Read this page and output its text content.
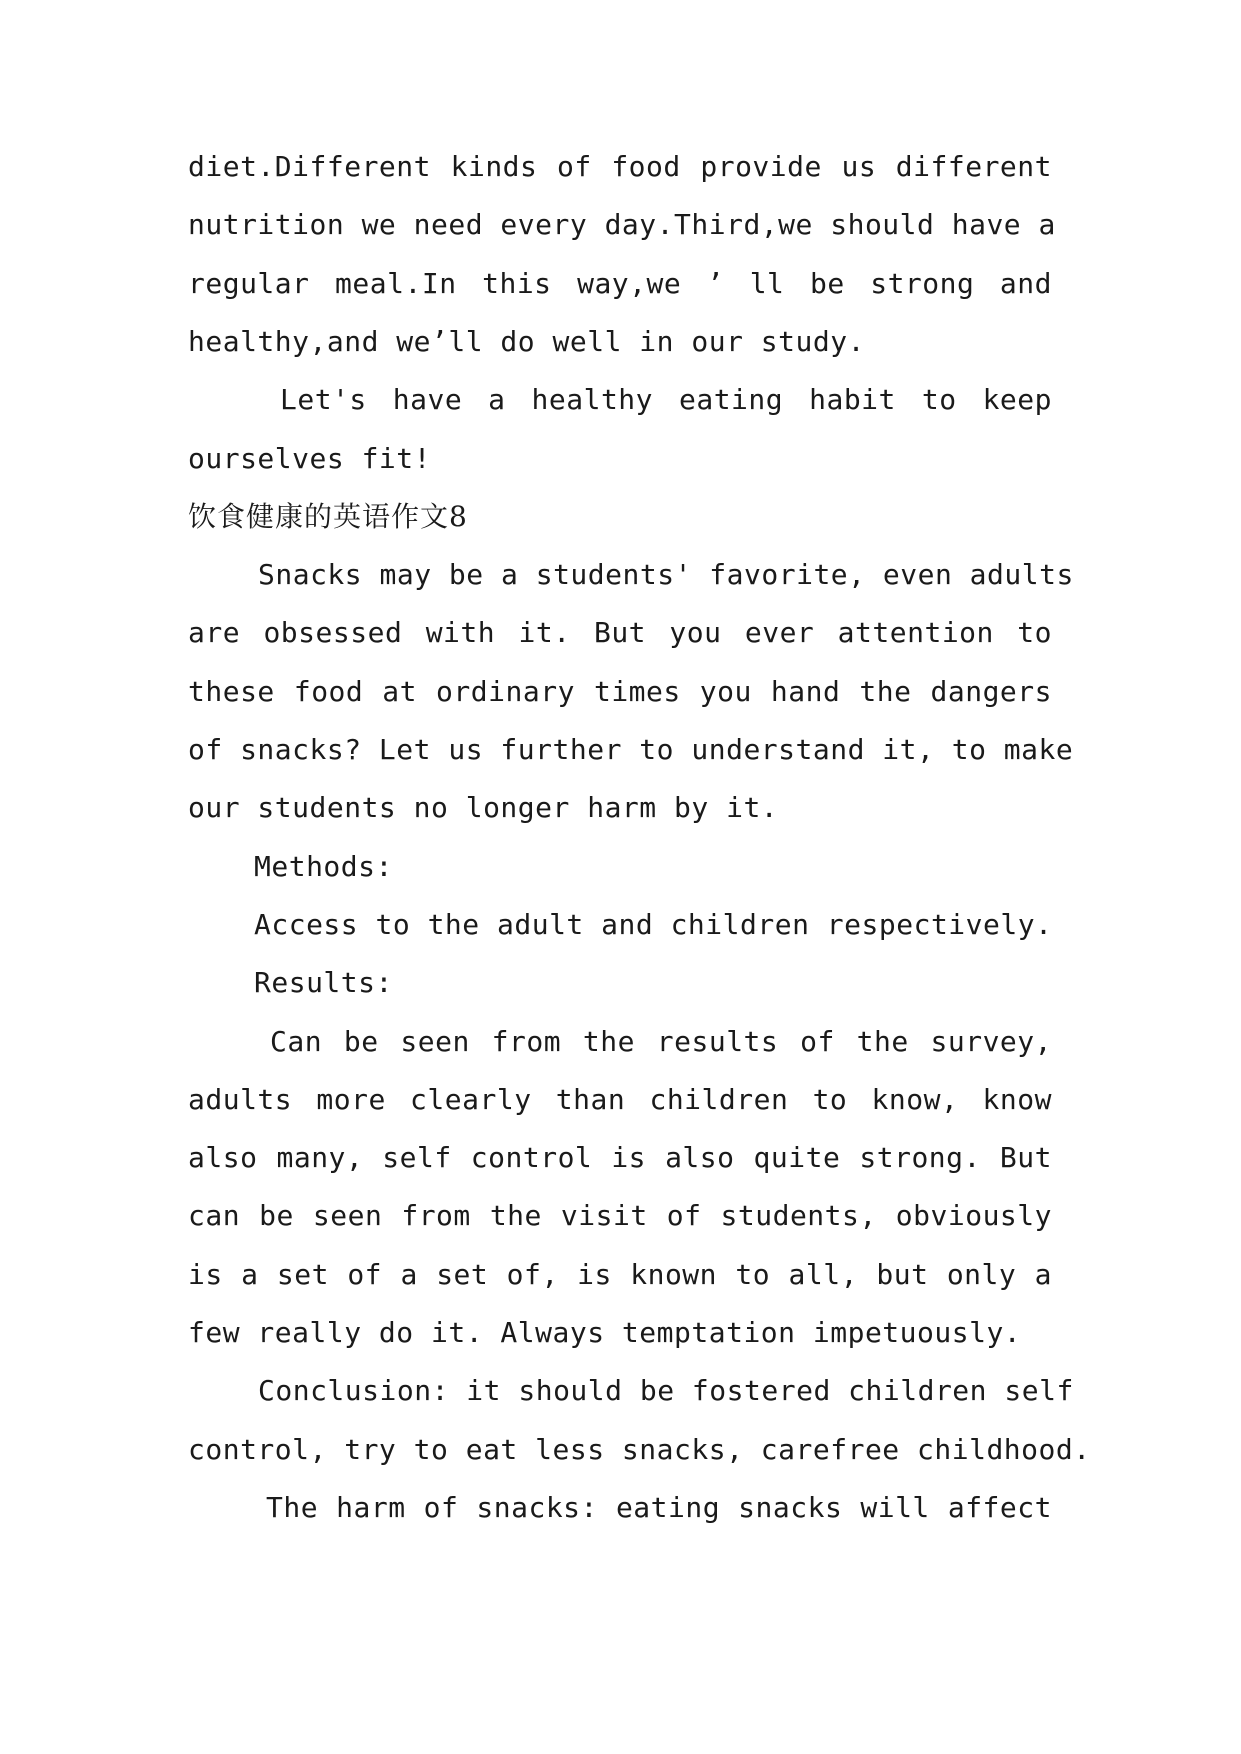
diet.Different kinds of food provide us different
nutrition we need every day.Third,we should have a
regular meal.In this way,we ’ ll be strong and
healthy,and we’ll do well in our study.
Let's have a healthy eating habit to keep
ourselves fit!
饮食健康的英语作文8
Snacks may be a students' favorite, even adults
are obsessed with it. But you ever attention to
these food at ordinary times you hand the dangers
of snacks? Let us further to understand it, to make
our students no longer harm by it.
Methods:
Access to the adult and children respectively.
Results:
Can be seen from the results of the survey,
adults more clearly than children to know, know
also many, self control is also quite strong. But
can be seen from the visit of students, obviously
is a set of a set of, is known to all, but only a
few really do it. Always temptation impetuously.
Conclusion: it should be fostered children self
control, try to eat less snacks, carefree childhood.
The harm of snacks: eating snacks will affect
